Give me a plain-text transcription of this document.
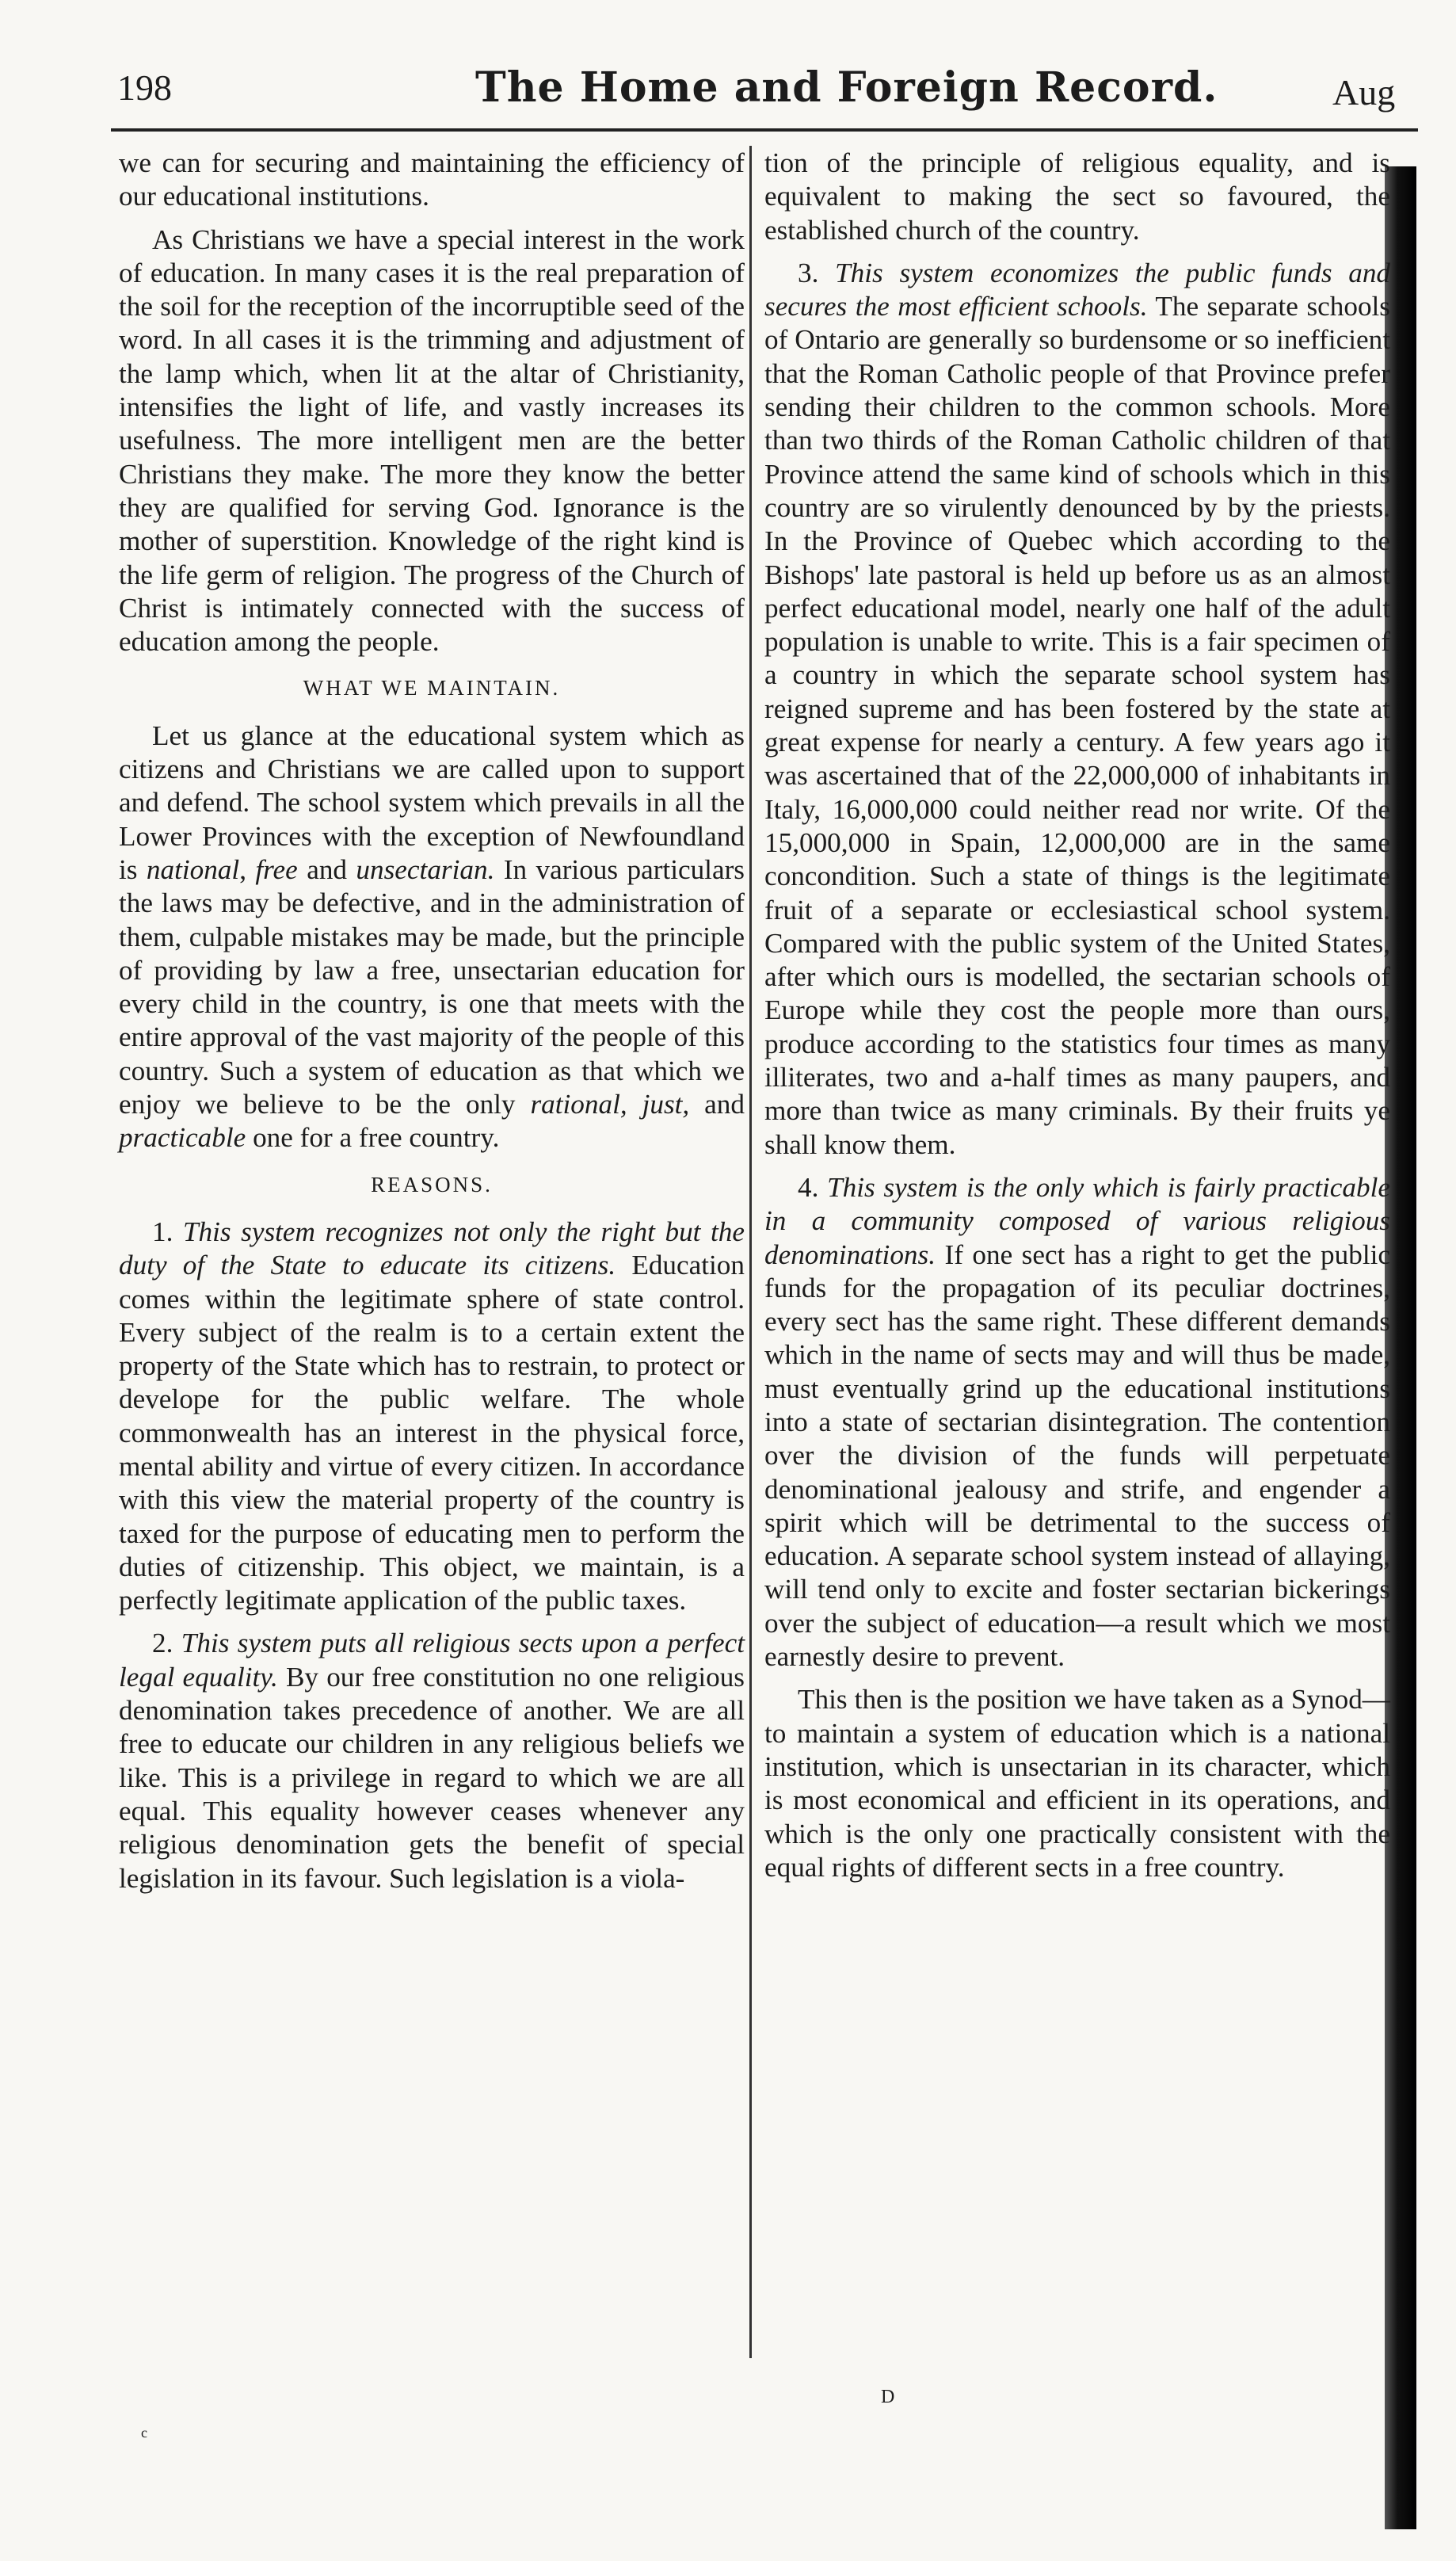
198	The Home and Foreign Record.	Aug

we can for securing and maintaining the efficiency of our educational institutions.

As Christians we have a special interest in the work of education. In many cases it is the real preparation of the soil for the reception of the incorruptible seed of the word. In all cases it is the trimming and adjustment of the lamp which, when lit at the altar of Christianity, intensifies the light of life, and vastly increases its usefulness. The more intelligent men are the better Christians they make. The more they know the better they are qualified for serving God. Ignorance is the mother of superstition. Knowledge of the right kind is the life germ of religion. The progress of the Church of Christ is intimately connected with the success of education among the people.

WHAT WE MAINTAIN.

Let us glance at the educational system which as citizens and Christians we are called upon to support and defend. The school system which prevails in all the Lower Provinces with the exception of Newfoundland is national, free and unsectarian. In various particulars the laws may be defective, and in the administration of them, culpable mistakes may be made, but the principle of providing by law a free, unsectarian education for every child in the country, is one that meets with the entire approval of the vast majority of the people of this country. Such a system of education as that which we enjoy we believe to be the only rational, just, and practicable one for a free country.

REASONS.

1. This system recognizes not only the right but the duty of the State to educate its citizens. Education comes within the legitimate sphere of state control. Every subject of the realm is to a certain extent the property of the State which has to restrain, to protect or develope for the public welfare. The whole commonwealth has an interest in the physical force, mental ability and virtue of every citizen. In accordance with this view the material property of the country is taxed for the purpose of educating men to perform the duties of citizenship. This object, we maintain, is a perfectly legitimate application of the public taxes.

2. This system puts all religious sects upon a perfect legal equality. By our free constitution no one religious denomination takes precedence of another. We are all free to educate our children in any religious beliefs we like. This is a privilege in regard to which we are all equal. This equality however ceases whenever any religious denomination gets the benefit of special legislation in its favour. Such legislation is a viola-

tion of the principle of religious equality, and is equivalent to making the sect so favoured, the established church of the country.

3. This system economizes the public funds and secures the most efficient schools. The separate schools of Ontario are generally so burdensome or so inefficient that the Roman Catholic people of that Province prefer sending their children to the common schools. More than two thirds of the Roman Catholic children of that Province attend the same kind of schools which in this country are so virulently denounced by by the priests. In the Province of Quebec which according to the Bishops' late pastoral is held up before us as an almost perfect educational model, nearly one half of the adult population is unable to write. This is a fair specimen of a country in which the separate school system has reigned supreme and has been fostered by the state at great expense for nearly a century. A few years ago it was ascertained that of the 22,000,000 of inhabitants in Italy, 16,000,000 could neither read nor write. Of the 15,000,000 in Spain, 12,000,000 are in the same concondition. Such a state of things is the legitimate fruit of a separate or ecclesiastical school system. Compared with the public system of the United States, after which ours is modelled, the sectarian schools of Europe while they cost the people more than ours, produce according to the statistics four times as many illiterates, two and a-half times as many paupers, and more than twice as many criminals. By their fruits ye shall know them.

4. This system is the only which is fairly practicable in a community composed of various religious denominations. If one sect has a right to get the public funds for the propagation of its peculiar doctrines, every sect has the same right. These different demands which in the name of sects may and will thus be made, must eventually grind up the educational institutions into a state of sectarian disintegration. The contention over the division of the funds will perpetuate denominational jealousy and strife, and engender a spirit which will be detrimental to the success of education. A separate school system instead of allaying, will tend only to excite and foster sectarian bickerings over the subject of education—a result which we most earnestly desire to prevent.

This then is the position we have taken as a Synod—to maintain a system of education which is a national institution, which is unsectarian in its character, which is most economical and efficient in its operations, and which is the only one practically consistent with the equal rights of different sects in a free country.

D
c
